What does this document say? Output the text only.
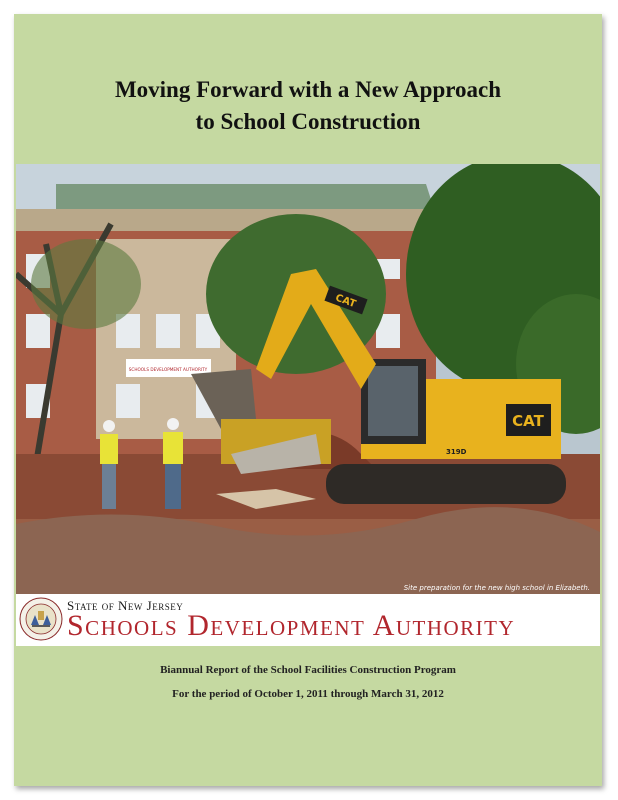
Moving Forward with a New Approach
to School Construction
SCHOOLS DEVELOPMENT AUTHORITY
CAT
319D
CAT
Site preparation for the new high school in Elizabeth.
State of New Jersey
Schools Development Authority
Biannual Report of the School Facilities Construction Program
For the period of October 1, 2011 through March 31, 2012
